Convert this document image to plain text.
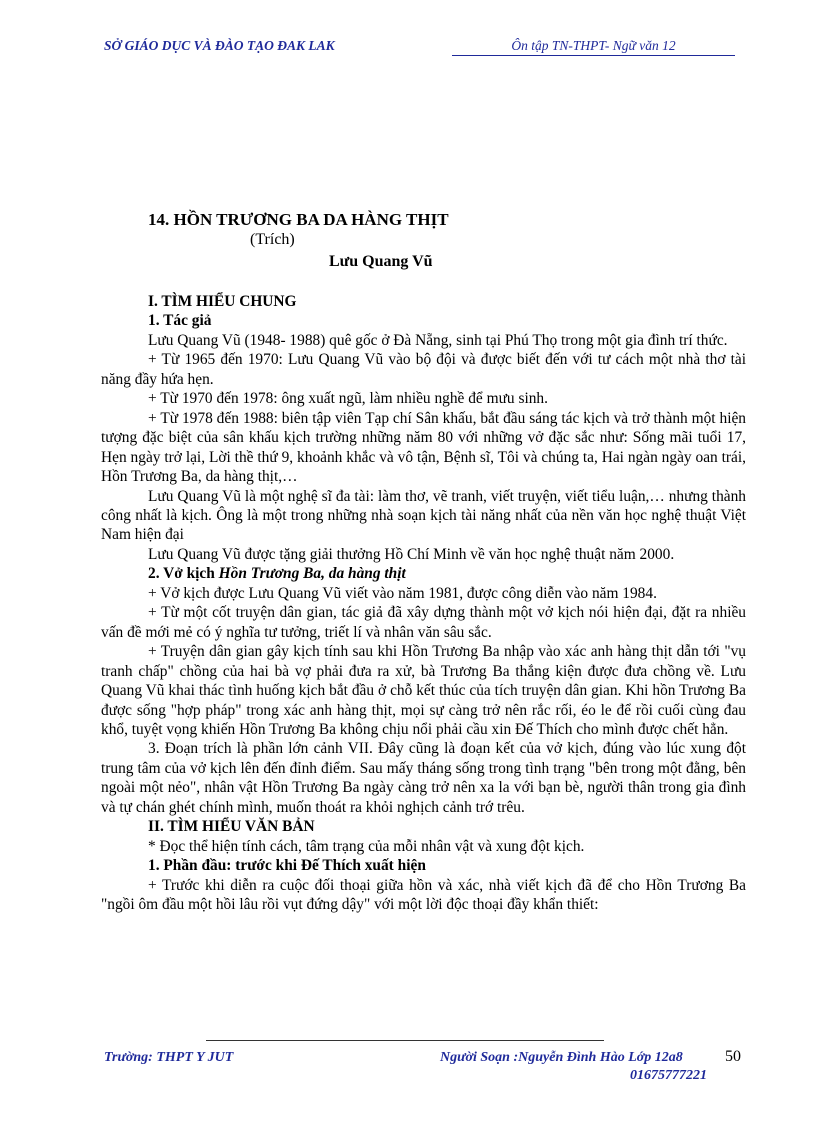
SỞ GIÁO DỤC VÀ ĐÀO TẠO ĐAK LAK	Ôn tập TN-THPT- Ngữ văn 12
14. HỒN TRƯƠNG BA DA HÀNG THỊT
(Trích)
Lưu Quang Vũ

I. TÌM HIỂU CHUNG

1. Tác giả

Lưu Quang Vũ (1948- 1988) quê gốc ở Đà Nẵng, sinh tại Phú Thọ trong một gia đình trí thức.

+ Từ 1965 đến 1970: Lưu Quang Vũ vào bộ đội và được biết đến với tư cách một nhà thơ tài năng đầy hứa hẹn.

+ Từ 1970 đến 1978: ông xuất ngũ, làm nhiều nghề để mưu sinh.

+ Từ 1978 đến 1988: biên tập viên Tạp chí Sân khấu, bắt đầu sáng tác kịch và trở thành một hiện tượng đặc biệt của sân khấu kịch trường những năm 80 với những vở đặc sắc như: Sống mãi tuổi 17, Hẹn ngày trở lại, Lời thề thứ 9, khoảnh khắc và vô tận, Bệnh sĩ, Tôi và chúng ta, Hai ngàn ngày oan trái, Hồn Trương Ba, da hàng thịt,…

Lưu Quang Vũ là một nghệ sĩ đa tài: làm thơ, vẽ tranh, viết truyện, viết tiểu luận,… nhưng thành công nhất là kịch. Ông là một trong những nhà soạn kịch tài năng nhất của nền văn học nghệ thuật Việt Nam hiện đại

Lưu Quang Vũ được tặng giải thưởng Hồ Chí Minh về văn học nghệ thuật năm 2000.

2. Vở kịch Hồn Trương Ba, da hàng thịt

+ Vở kịch được Lưu Quang Vũ viết vào năm 1981, được công diễn vào năm 1984.

+ Từ một cốt truyện dân gian, tác giả đã xây dựng thành một vở kịch nói hiện đại, đặt ra nhiều vấn đề mới mẻ có ý nghĩa tư tưởng, triết lí và nhân văn sâu sắc.

+ Truyện dân gian gây kịch tính sau khi Hồn Trương Ba nhập vào xác anh hàng thịt dẫn tới "vụ tranh chấp" chồng của hai bà vợ phải đưa ra xử, bà Trương Ba thắng kiện được đưa chồng về. Lưu Quang Vũ khai thác tình huống kịch bắt đầu ở chỗ kết thúc của tích truyện dân gian. Khi hồn Trương Ba được sống "hợp pháp" trong xác anh hàng thịt, mọi sự càng trở nên rắc rối, éo le để rồi cuối cùng đau khổ, tuyệt vọng khiến Hồn Trương Ba không chịu nổi phải cầu xin Đế Thích cho mình được chết hẳn.

3. Đoạn trích là phần lớn cảnh VII. Đây cũng là đoạn kết của vở kịch, đúng vào lúc xung đột trung tâm của vở kịch lên đến đỉnh điểm. Sau mấy tháng sống trong tình trạng "bên trong một đằng, bên ngoài một nẻo", nhân vật Hồn Trương Ba ngày càng trở nên xa la với bạn bè, người thân trong gia đình và tự chán ghét chính mình, muốn thoát ra khỏi nghịch cảnh trớ trêu.

II. TÌM HIỂU VĂN BẢN

* Đọc thể hiện tính cách, tâm trạng của mỗi nhân vật và xung đột kịch.

1. Phần đầu: trước khi Đế Thích xuất hiện

+ Trước khi diễn ra cuộc đối thoại giữa hồn và xác, nhà viết kịch đã để cho Hồn Trương Ba "ngồi ôm đầu một hồi lâu rồi vụt đứng dậy" với một lời độc thoại đầy khẩn thiết:

Trường: THPT Y JUT	Người Soạn :Nguyễn Đình Hào Lớp 12a8	50
01675777221
